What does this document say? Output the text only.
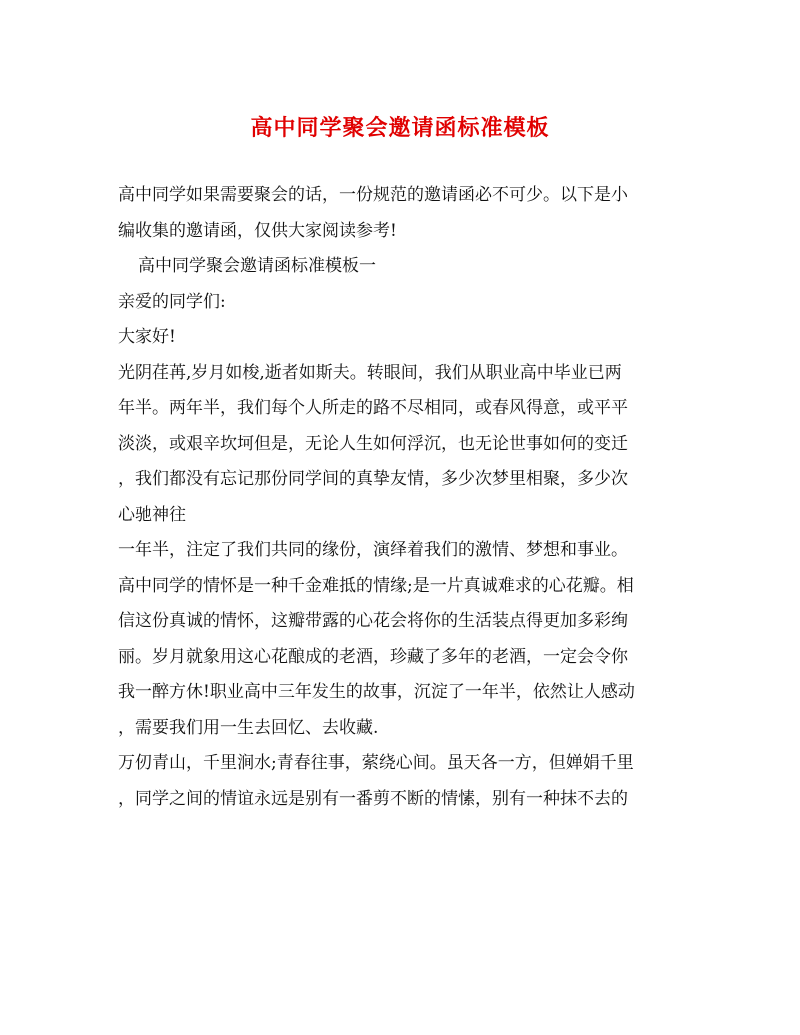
高中同学聚会邀请函标准模板
高中同学如果需要聚会的话，一份规范的邀请函必不可少。以下是小
编收集的邀请函，仅供大家阅读参考!
高中同学聚会邀请函标准模板一
亲爱的同学们:
大家好!
光阴荏苒,岁月如梭,逝者如斯夫。转眼间，我们从职业高中毕业已两
年半。两年半，我们每个人所走的路不尽相同，或春风得意，或平平
淡淡，或艰辛坎坷但是，无论人生如何浮沉，也无论世事如何的变迁
，我们都没有忘记那份同学间的真挚友情，多少次梦里相聚，多少次
心驰神往
一年半，注定了我们共同的缘份，演绎着我们的激情、梦想和事业。
高中同学的情怀是一种千金难抵的情缘;是一片真诚难求的心花瓣。相
信这份真诚的情怀，这瓣带露的心花会将你的生活装点得更加多彩绚
丽。岁月就象用这心花酿成的老酒，珍藏了多年的老酒，一定会令你
我一醉方休!职业高中三年发生的故事，沉淀了一年半，依然让人感动
，需要我们用一生去回忆、去收藏.
万仞青山，千里涧水;青春往事，萦绕心间。虽天各一方，但婵娟千里
，同学之间的情谊永远是别有一番剪不断的情愫，别有一种抹不去的
